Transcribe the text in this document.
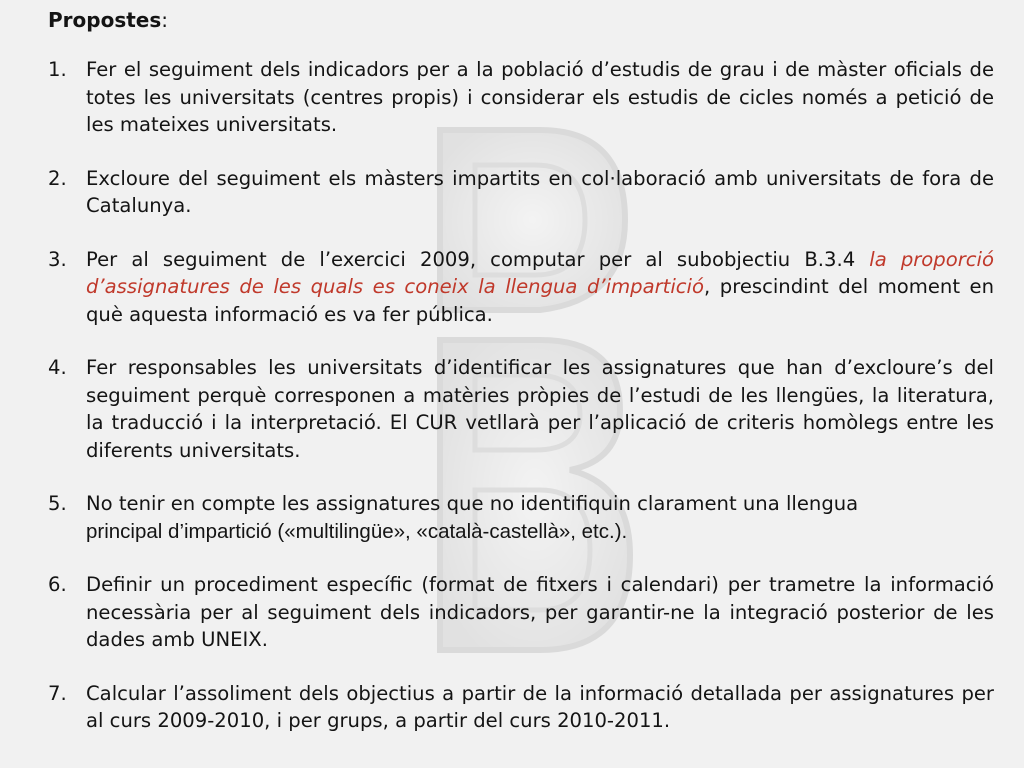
Propostes:
1. Fer el seguiment dels indicadors per a la població d’estudis de grau i de màster oficials de totes les universitats (centres propis) i considerar els estudis de cicles només a petició de les mateixes universitats.
2. Excloure del seguiment els màsters impartits en col·laboració amb universitats de fora de Catalunya.
3. Per al seguiment de l’exercici 2009, computar per al subobjectiu B.3.4 la proporció d’assignatures de les quals es coneix la llengua d’impartició, prescindint del moment en què aquesta informació es va fer pública.
4. Fer responsables les universitats d’identificar les assignatures que han d’excloure’s del seguiment perquè corresponen a matèries pròpies de l’estudi de les llengües, la literatura, la traducció i la interpretació. El CUR vetllarà per l’aplicació de criteris homòlegs entre les diferents universitats.
5. No tenir en compte les assignatures que no identifiquin clarament una llengua
principal d’impartició («multilingüe», «català-castellà», etc.).
6. Definir un procediment específic (format de fitxers i calendari) per trametre la informació necessària per al seguiment dels indicadors, per garantir-ne la integració posterior de les dades amb UNEIX.
7. Calcular l’assoliment dels objectius a partir de la informació detallada per assignatures per al curs 2009-2010, i per grups, a partir del curs 2010-2011.
